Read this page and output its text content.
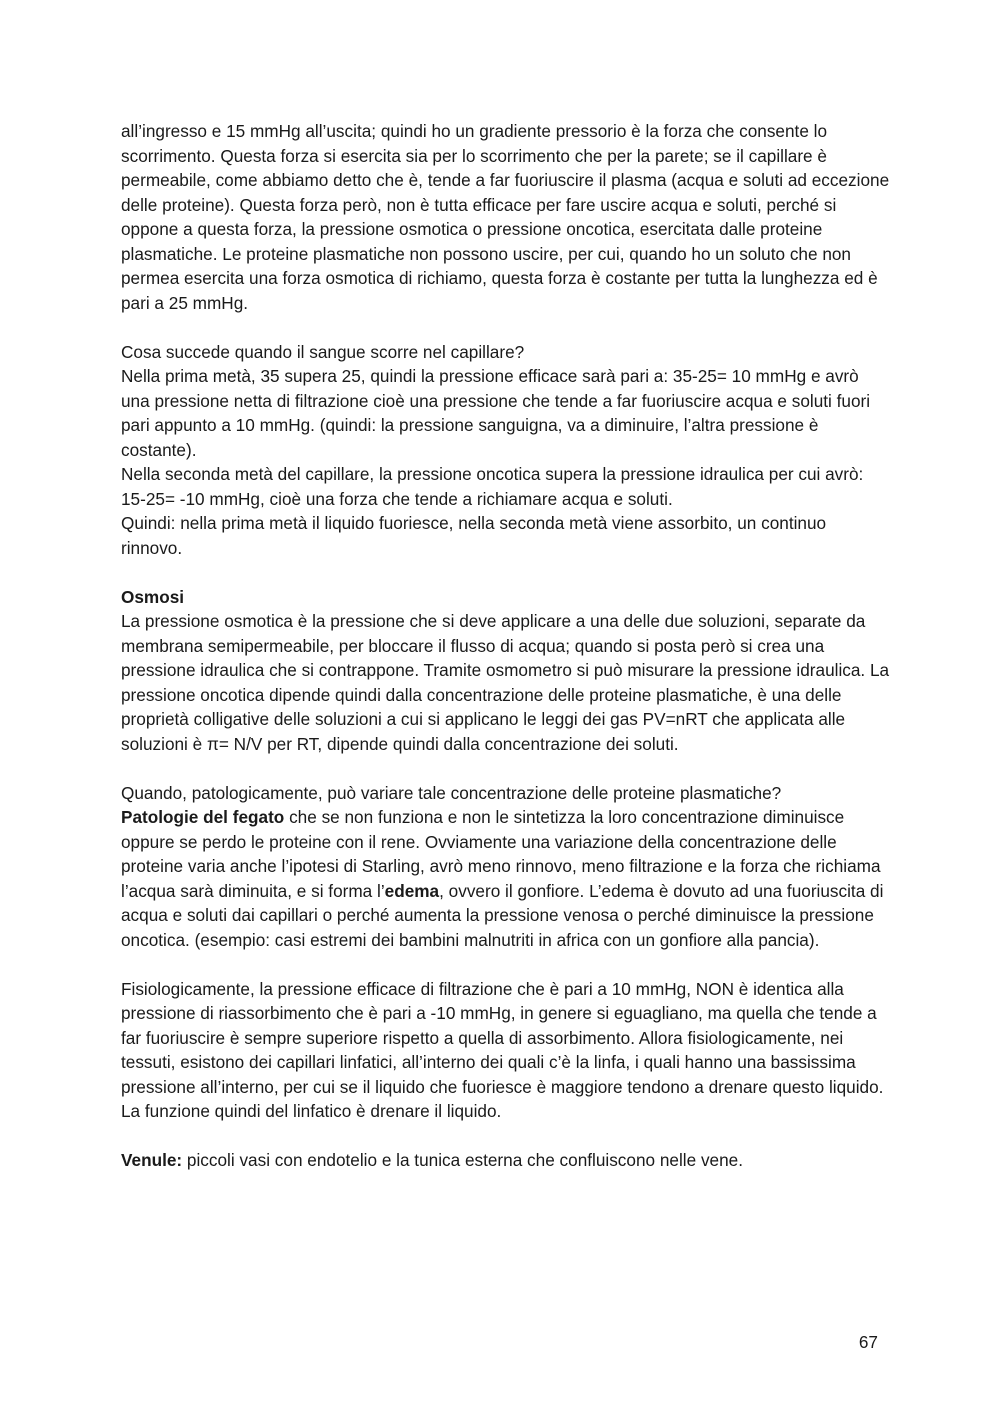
all’ingresso e 15 mmHg all’uscita; quindi ho un gradiente pressorio è la forza che consente lo scorrimento. Questa forza si esercita sia per lo scorrimento che per la parete; se il capillare è permeabile, come abbiamo detto che è, tende a far fuoriuscire il plasma (acqua e soluti ad eccezione delle proteine). Questa forza però, non è tutta efficace per fare uscire acqua e soluti, perché si oppone a questa forza, la pressione osmotica o pressione oncotica, esercitata dalle proteine plasmatiche. Le proteine plasmatiche non possono uscire, per cui, quando ho un soluto che non permea esercita una forza osmotica di richiamo, questa forza è costante per tutta la lunghezza ed è pari a 25 mmHg.

Cosa succede quando il sangue scorre nel capillare?

Nella prima metà, 35 supera 25, quindi la pressione efficace sarà pari a: 35-25= 10 mmHg e avrò una pressione netta di filtrazione cioè una pressione che tende a far fuoriuscire acqua e soluti fuori pari appunto a 10 mmHg. (quindi: la pressione sanguigna, va a diminuire, l’altra pressione è costante).

Nella seconda metà del capillare, la pressione oncotica supera la pressione idraulica per cui avrò: 15-25= -10 mmHg, cioè una forza che tende a richiamare acqua e soluti.

Quindi: nella prima metà il liquido fuoriesce, nella seconda metà viene assorbito, un continuo rinnovo.

Osmosi

La pressione osmotica è la pressione che si deve applicare a una delle due soluzioni, separate da membrana semipermeabile, per bloccare il flusso di acqua; quando si posta però si crea una pressione idraulica che si contrappone. Tramite osmometro si può misurare la pressione idraulica. La pressione oncotica dipende quindi dalla concentrazione delle proteine plasmatiche, è una delle proprietà colligative delle soluzioni a cui si applicano le leggi dei gas PV=nRT che applicata alle soluzioni è π= N/V per RT, dipende quindi dalla concentrazione dei soluti.

Quando, patologicamente, può variare tale concentrazione delle proteine plasmatiche?

Patologie del fegato che se non funziona e non le sintetizza la loro concentrazione diminuisce oppure se perdo le proteine con il rene. Ovviamente una variazione della concentrazione delle proteine varia anche l’ipotesi di Starling, avrò meno rinnovo, meno filtrazione e la forza che richiama l’acqua sarà diminuita, e si forma l’edema, ovvero il gonfiore. L’edema è dovuto ad una fuoriuscita di acqua e soluti dai capillari o perché aumenta la pressione venosa o perché diminuisce la pressione oncotica. (esempio: casi estremi dei bambini malnutriti in africa con un gonfiore alla pancia).

Fisiologicamente, la pressione efficace di filtrazione che è pari a 10 mmHg, NON è identica alla pressione di riassorbimento che è pari a -10 mmHg, in genere si eguagliano, ma quella che tende a far fuoriuscire è sempre superiore rispetto a quella di assorbimento. Allora fisiologicamente, nei tessuti, esistono dei capillari linfatici, all’interno dei quali c’è la linfa, i quali hanno una bassissima pressione all’interno, per cui se il liquido che fuoriesce è maggiore tendono a drenare questo liquido. La funzione quindi del linfatico è drenare il liquido.

Venule: piccoli vasi con endotelio e la tunica esterna che confluiscono nelle vene.

67
